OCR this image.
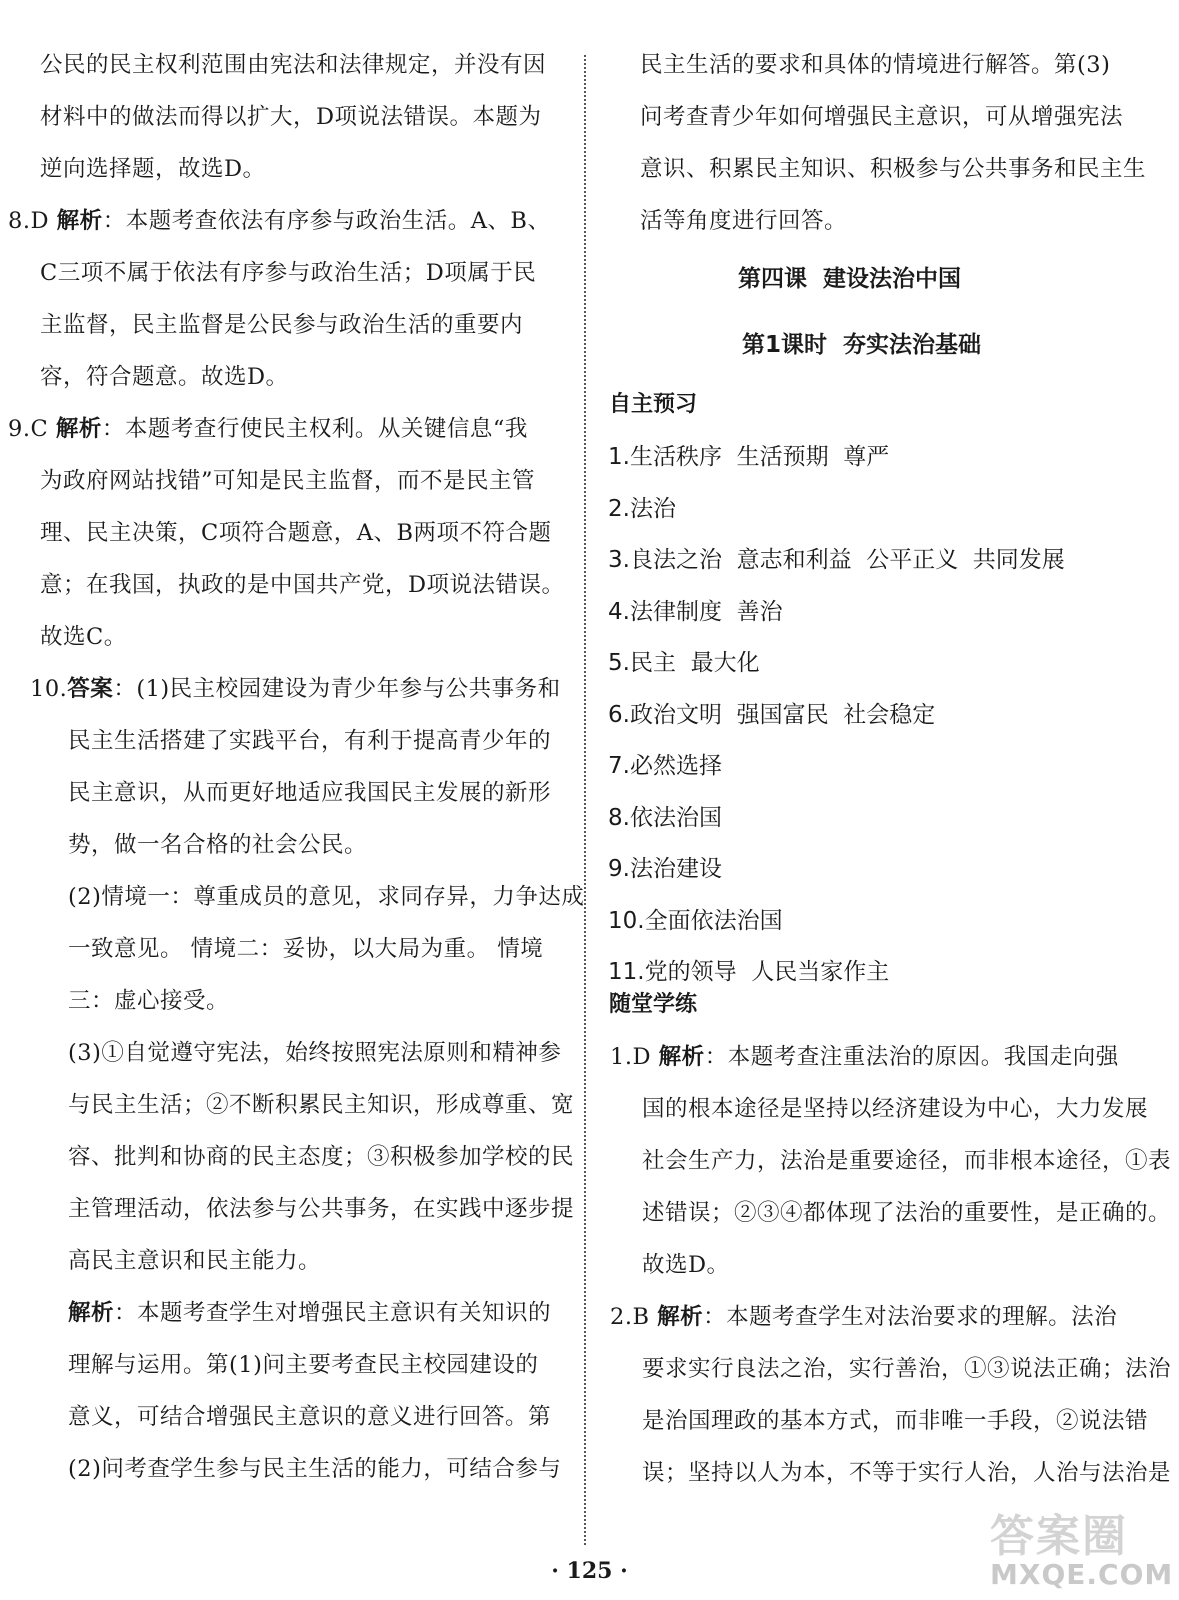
第四课  建设法治中国
第1课时  夯实法治基础
自主预习
1.生活秩序  生活预期  尊严
2.法治
3.良法之治  意志和利益  公平正义  共同发展
4.法律制度  善治
5.民主  最大化
6.政治文明  强国富民  社会稳定
7.必然选择
8.依法治国
9.法治建设
10.全面依法治国
11.党的领导  人民当家作主
随堂学练
· 125 ·
答案圈
MXQE.COM
公民的民主权利范围由宪法和法律规定，并没有因
材料中的做法而得以扩大，D项说法错误。本题为
逆向选择题，故选D。
8.D 解析：本题考查依法有序参与政治生活。A、B、
C三项不属于依法有序参与政治生活；D项属于民
主监督，民主监督是公民参与政治生活的重要内
容，符合题意。故选D。
9.C 解析：本题考查行使民主权利。从关键信息“我
为政府网站找错”可知是民主监督，而不是民主管
理、民主决策，C项符合题意，A、B两项不符合题
意；在我国，执政的是中国共产党，D项说法错误。
故选C。
10.答案：(1)民主校园建设为青少年参与公共事务和
民主生活搭建了实践平台，有利于提高青少年的
民主意识，从而更好地适应我国民主发展的新形
势，做一名合格的社会公民。
(2)情境一：尊重成员的意见，求同存异，力争达成
一致意见。 情境二：妥协，以大局为重。 情境
三：虚心接受。
(3)①自觉遵守宪法，始终按照宪法原则和精神参
与民主生活；②不断积累民主知识，形成尊重、宽
容、批判和协商的民主态度；③积极参加学校的民
主管理活动，依法参与公共事务，在实践中逐步提
高民主意识和民主能力。
解析：本题考查学生对增强民主意识有关知识的
理解与运用。第(1)问主要考查民主校园建设的
意义，可结合增强民主意识的意义进行回答。第
(2)问考查学生参与民主生活的能力，可结合参与
民主生活的要求和具体的情境进行解答。第(3)
问考查青少年如何增强民主意识，可从增强宪法
意识、积累民主知识、积极参与公共事务和民主生
活等角度进行回答。
1.D 解析：本题考查注重法治的原因。我国走向强
国的根本途径是坚持以经济建设为中心，大力发展
社会生产力，法治是重要途径，而非根本途径，①表
述错误；②③④都体现了法治的重要性，是正确的。
故选D。
2.B 解析：本题考查学生对法治要求的理解。法治
要求实行良法之治，实行善治，①③说法正确；法治
是治国理政的基本方式，而非唯一手段，②说法错
误；坚持以人为本，不等于实行人治，人治与法治是
